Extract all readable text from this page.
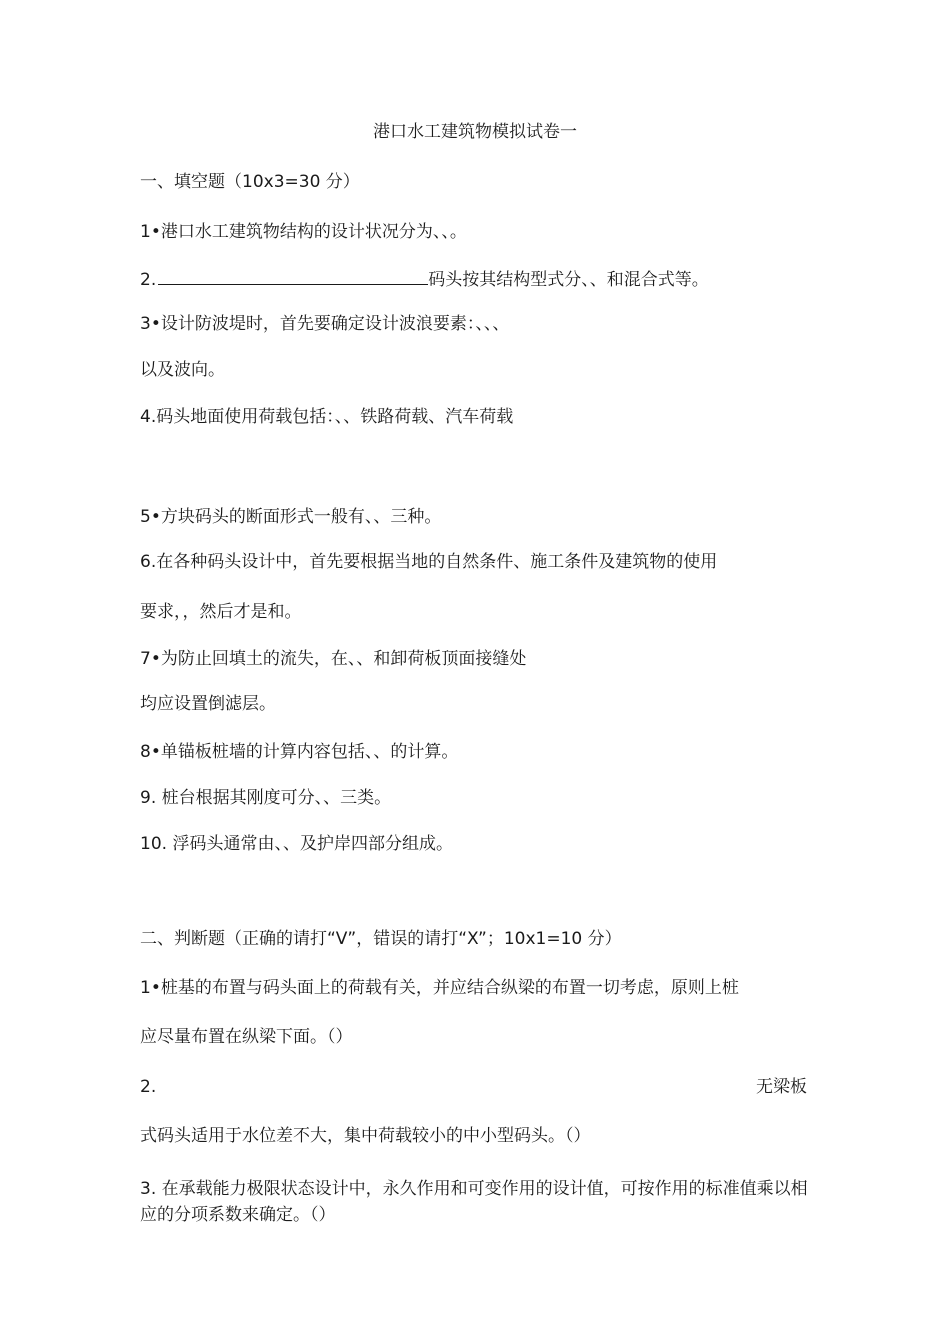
港口水工建筑物模拟试卷一
一、填空题（10x3=30 分）
1•港口水工建筑物结构的设计状况分为、、。
2.	码头按其结构型式分、、和混合式等。
3•设计防波堤时，首先要确定设计波浪要素：、、、
以及波向。
4.码头地面使用荷载包括：、、铁路荷载、汽车荷载
5•方块码头的断面形式一般有、、三种。
6.在各种码头设计中，首先要根据当地的自然条件、施工条件及建筑物的使用
要求，，然后才是和。
7•为防止回填土的流失，在、、和卸荷板顶面接缝处
均应设置倒滤层。
8•单锚板桩墙的计算内容包括、、的计算。
9. 桩台根据其刚度可分、、三类。
10. 浮码头通常由、、及护岸四部分组成。
二、判断题（正确的请打“V”，错误的请打“X”；10x1=10 分）
1•桩基的布置与码头面上的荷载有关，并应结合纵梁的布置一切考虑，原则上桩
应尽量布置在纵梁下面。（）
2.	无梁板
式码头适用于水位差不大，集中荷载较小的中小型码头。（）
3. 在承载能力极限状态设计中，永久作用和可变作用的设计值，可按作用的标准值乘以相应的分项系数来确定。（）
